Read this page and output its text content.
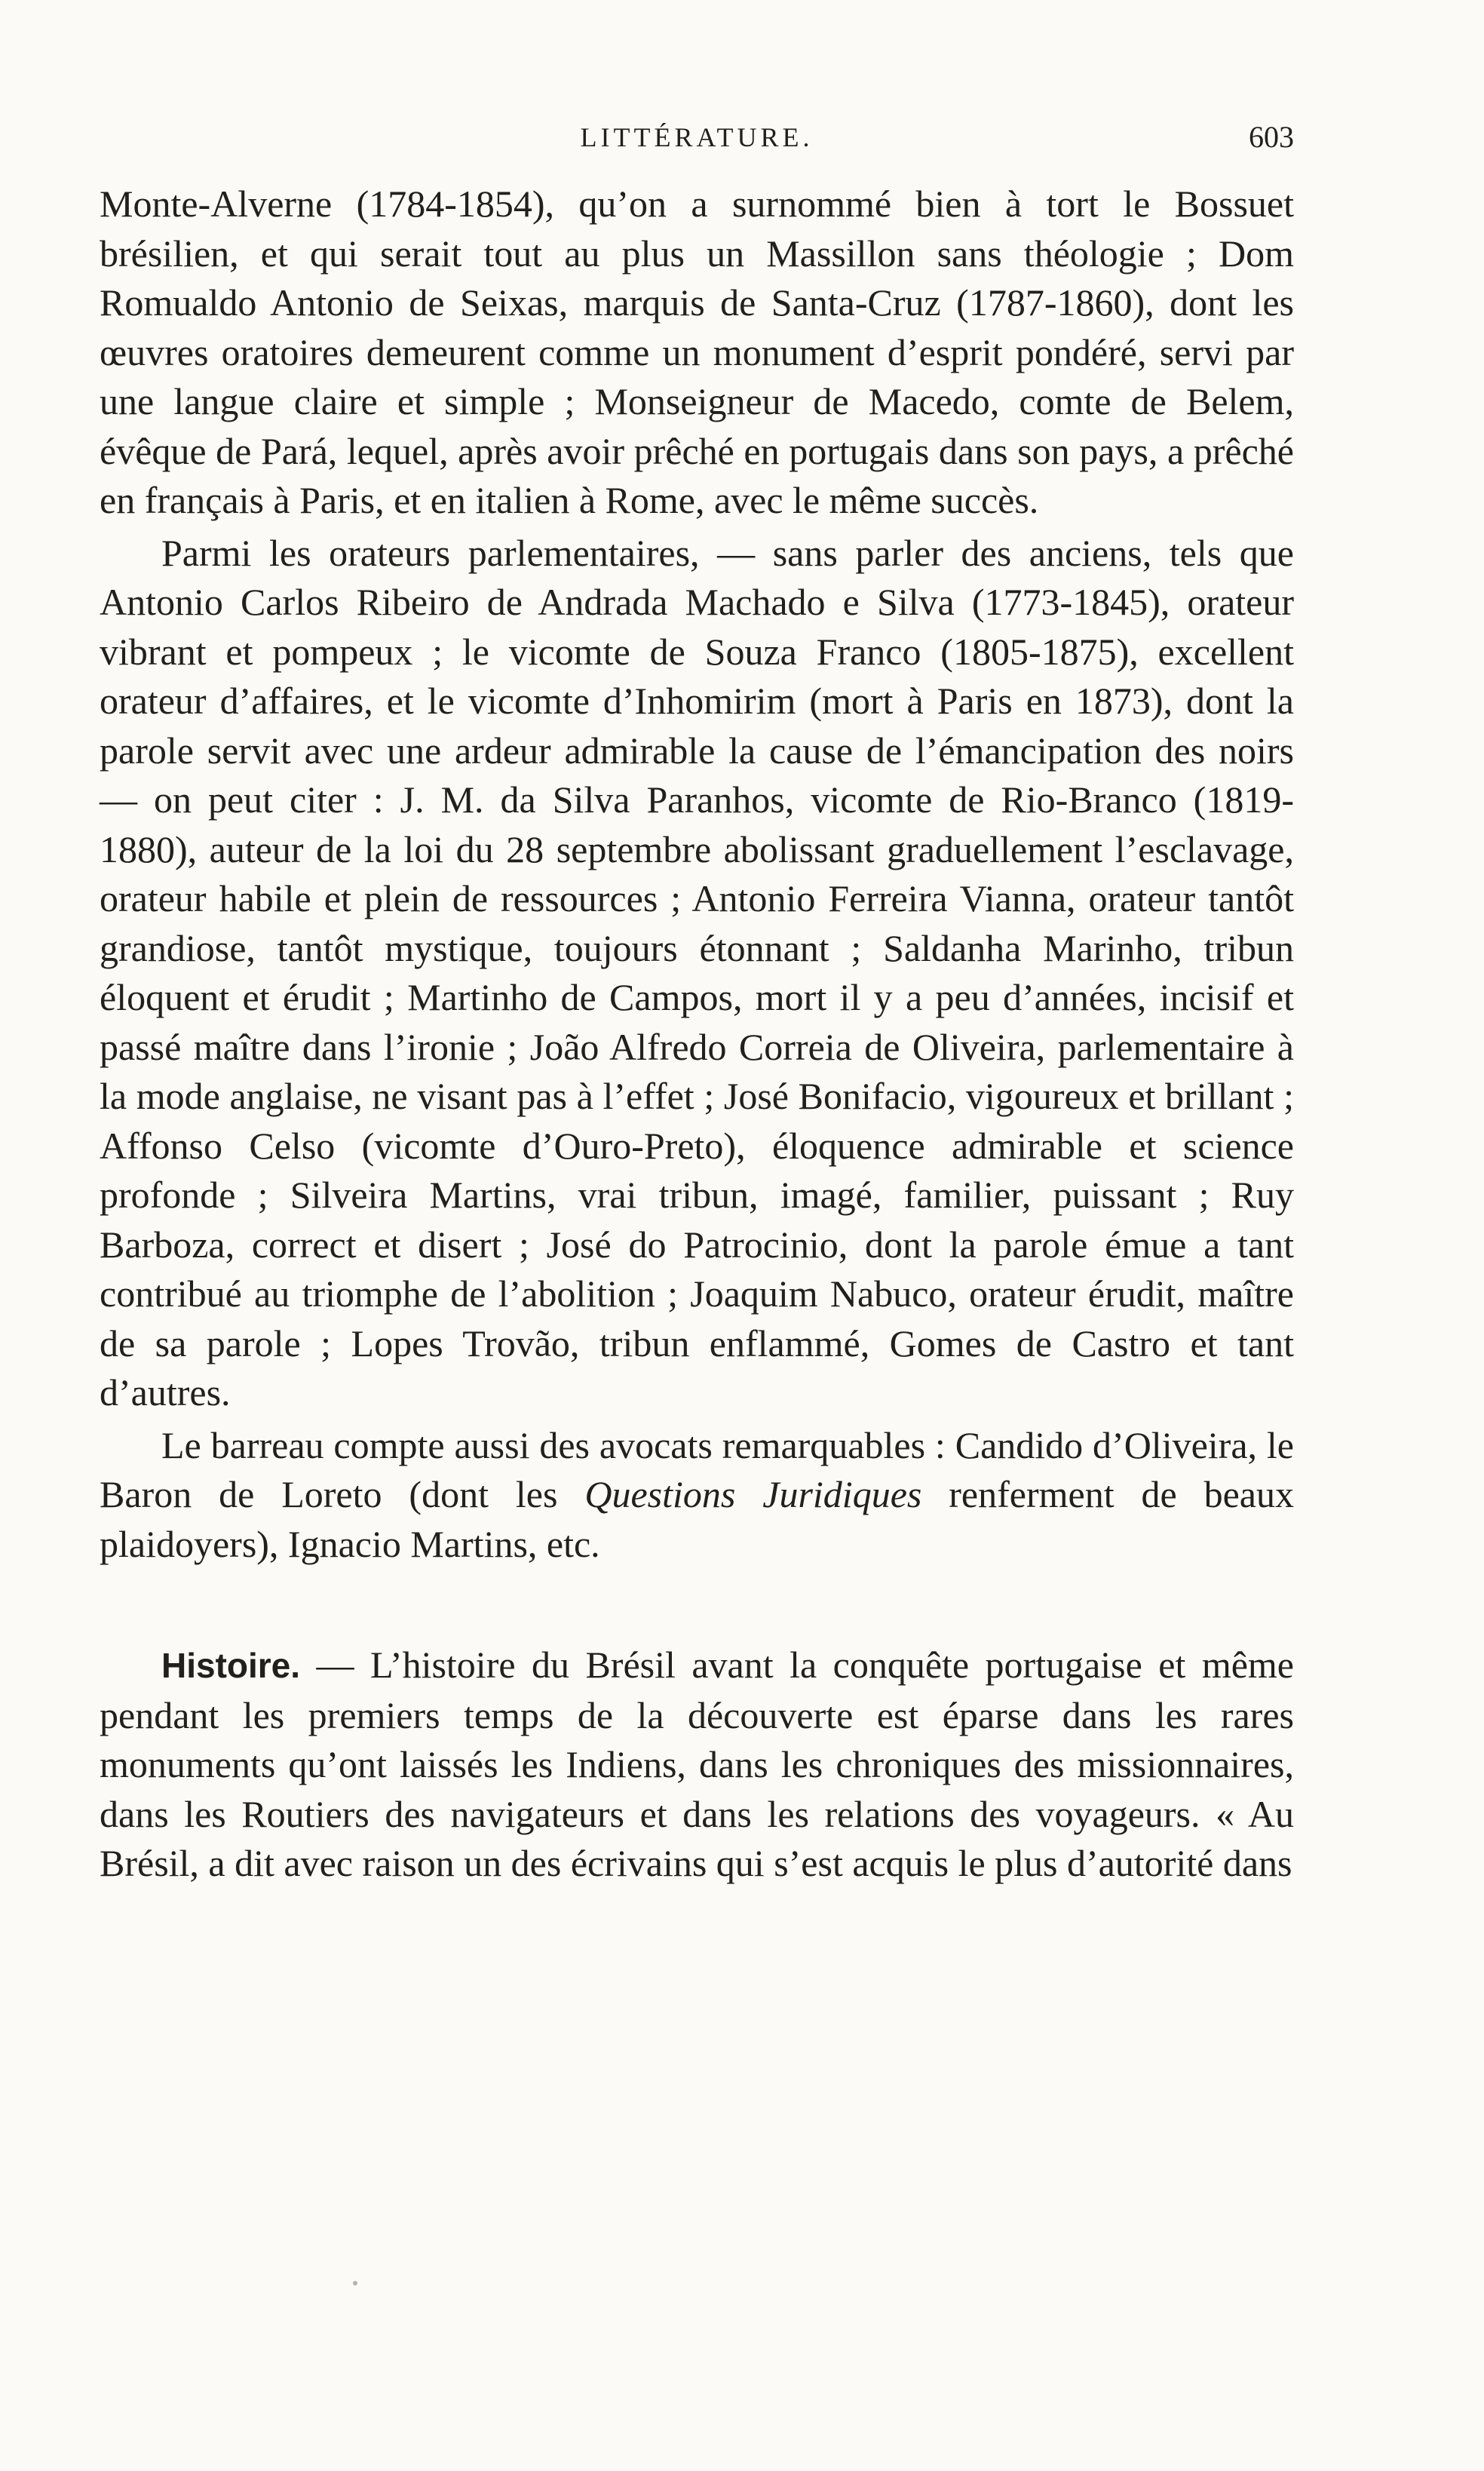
LITTÉRATURE.	603

Monte-Alverne (1784-1854), qu’on a surnommé bien à tort le Bossuet brésilien, et qui serait tout au plus un Massillon sans théologie ; Dom Romualdo Antonio de Seixas, marquis de Santa-Cruz (1787-1860), dont les œuvres oratoires demeurent comme un monument d’esprit pondéré, servi par une langue claire et simple ; Monseigneur de Macedo, comte de Belem, évêque de Pará, lequel, après avoir prêché en portugais dans son pays, a prêché en français à Paris, et en italien à Rome, avec le même succès.

Parmi les orateurs parlementaires, — sans parler des anciens, tels que Antonio Carlos Ribeiro de Andrada Machado e Silva (1773-1845), orateur vibrant et pompeux ; le vicomte de Souza Franco (1805-1875), excellent orateur d’affaires, et le vicomte d’Inhomirim (mort à Paris en 1873), dont la parole servit avec une ardeur admirable la cause de l’émancipation des noirs — on peut citer : J. M. da Silva Paranhos, vicomte de Rio-Branco (1819-1880), auteur de la loi du 28 septembre abolissant graduellement l’esclavage, orateur habile et plein de ressources ; Antonio Ferreira Vianna, orateur tantôt grandiose, tantôt mystique, toujours étonnant ; Saldanha Marinho, tribun éloquent et érudit ; Martinho de Campos, mort il y a peu d’années, incisif et passé maître dans l’ironie ; João Alfredo Correia de Oliveira, parlementaire à la mode anglaise, ne visant pas à l’effet ; José Bonifacio, vigoureux et brillant ; Affonso Celso (vicomte d’Ouro-Preto), éloquence admirable et science profonde ; Silveira Martins, vrai tribun, imagé, familier, puissant ; Ruy Barboza, correct et disert ; José do Patrocinio, dont la parole émue a tant contribué au triomphe de l’abolition ; Joaquim Nabuco, orateur érudit, maître de sa parole ; Lopes Trovão, tribun enflammé, Gomes de Castro et tant d’autres.

Le barreau compte aussi des avocats remarquables : Candido d’Oliveira, le Baron de Loreto (dont les Questions Juridiques renferment de beaux plaidoyers), Ignacio Martins, etc.

Histoire. — L’histoire du Brésil avant la conquête portugaise et même pendant les premiers temps de la découverte est éparse dans les rares monuments qu’ont laissés les Indiens, dans les chroniques des missionnaires, dans les Routiers des navigateurs et dans les relations des voyageurs. « Au Brésil, a dit avec raison un des écrivains qui s’est acquis le plus d’autorité dans
